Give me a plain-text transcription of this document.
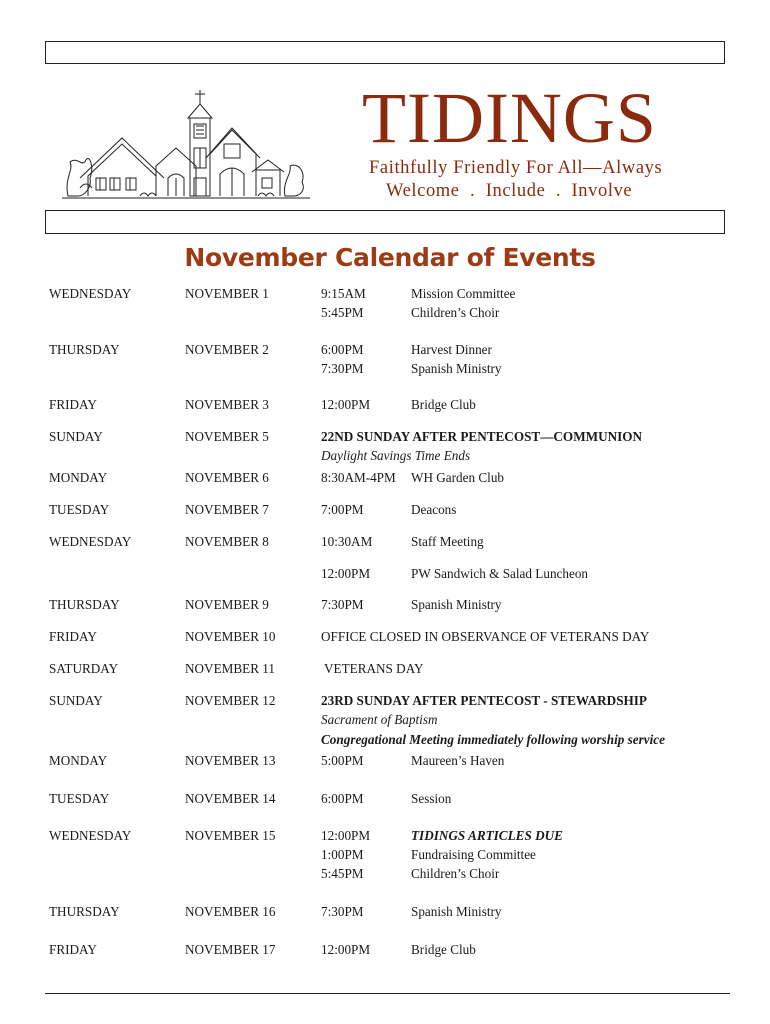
TIDINGS
Faithfully Friendly For All—Always
Welcome  .  Include  .  Involve
November Calendar of Events
WEDNESDAY	NOVEMBER 1	9:15AM	Mission Committee
5:45PM	Children’s Choir
THURSDAY	NOVEMBER 2	6:00PM	Harvest Dinner
7:30PM	Spanish Ministry
FRIDAY	NOVEMBER 3	12:00PM	Bridge Club
SUNDAY	NOVEMBER 5	22ND SUNDAY AFTER PENTECOST—COMMUNION
Daylight Savings Time Ends
MONDAY	NOVEMBER 6	8:30AM-4PM WH Garden Club
TUESDAY	NOVEMBER 7	7:00PM	Deacons
WEDNESDAY	NOVEMBER 8	10:30AM	Staff Meeting
12:00PM	PW Sandwich & Salad Luncheon
THURSDAY	NOVEMBER 9	7:30PM	Spanish Ministry
FRIDAY	NOVEMBER 10	OFFICE CLOSED IN OBSERVANCE OF VETERANS DAY
SATURDAY	NOVEMBER 11	VETERANS DAY
SUNDAY	NOVEMBER 12	23RD SUNDAY AFTER PENTECOST - STEWARDSHIP
Sacrament of Baptism
Congregational Meeting immediately following worship service
MONDAY	NOVEMBER 13	5:00PM	Maureen’s Haven
TUESDAY	NOVEMBER 14	6:00PM	Session
WEDNESDAY	NOVEMBER 15	12:00PM	TIDINGS ARTICLES DUE
1:00PM	Fundraising Committee
5:45PM	Children’s Choir
THURSDAY	NOVEMBER 16	7:30PM	Spanish Ministry
FRIDAY	NOVEMBER 17	12:00PM	Bridge Club
